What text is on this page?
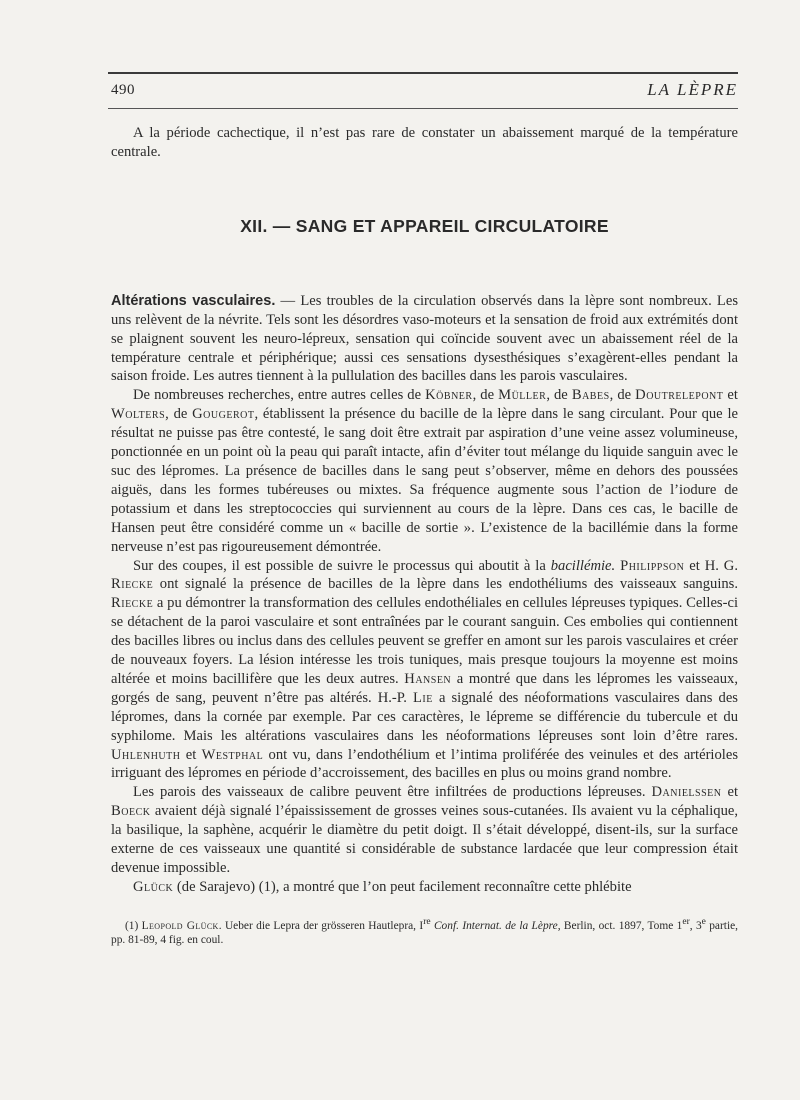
490	LA LÈPRE

A la période cachectique, il n’est pas rare de constater un abaissement marqué de la température centrale.

XII. — SANG ET APPAREIL CIRCULATOIRE

Altérations vasculaires. — Les troubles de la circulation observés dans la lèpre sont nombreux. Les uns relèvent de la névrite. Tels sont les désordres vaso-moteurs et la sensation de froid aux extrémités dont se plaignent souvent les neuro-lépreux, sensation qui coïncide souvent avec un abaissement réel de la température centrale et périphérique; aussi ces sensations dysesthésiques s’exagèrent-elles pendant la saison froide. Les autres tiennent à la pullulation des bacilles dans les parois vasculaires.

De nombreuses recherches, entre autres celles de Köbner, de Müller, de Babes, de Doutrelepont et Wolters, de Gougerot, établissent la présence du bacille de la lèpre dans le sang circulant. Pour que le résultat ne puisse pas être contesté, le sang doit être extrait par aspiration d’une veine assez volumineuse, ponctionnée en un point où la peau qui paraît intacte, afin d’éviter tout mélange du liquide sanguin avec le suc des lépromes. La présence de bacilles dans le sang peut s’observer, même en dehors des poussées aiguës, dans les formes tubéreuses ou mixtes. Sa fréquence augmente sous l’action de l’iodure de potassium et dans les streptococcies qui surviennent au cours de la lèpre. Dans ces cas, le bacille de Hansen peut être considéré comme un « bacille de sortie ». L’existence de la bacillémie dans la forme nerveuse n’est pas rigoureusement démontrée.

Sur des coupes, il est possible de suivre le processus qui aboutit à la bacillémie. Philippson et H. G. Riecke ont signalé la présence de bacilles de la lèpre dans les endothéliums des vaisseaux sanguins. Riecke a pu démontrer la transformation des cellules endothéliales en cellules lépreuses typiques. Celles-ci se détachent de la paroi vasculaire et sont entraînées par le courant sanguin. Ces embolies qui contiennent des bacilles libres ou inclus dans des cellules peuvent se greffer en amont sur les parois vasculaires et créer de nouveaux foyers. La lésion intéresse les trois tuniques, mais presque toujours la moyenne est moins altérée et moins bacillifère que les deux autres. Hansen a montré que dans les lépromes les vaisseaux, gorgés de sang, peuvent n’être pas altérés. H.-P. Lie a signalé des néoformations vasculaires dans des lépromes, dans la cornée par exemple. Par ces caractères, le lépreme se différencie du tubercule et du syphilome. Mais les altérations vasculaires dans les néoformations lépreuses sont loin d’être rares. Uhlenhuth et Westphal ont vu, dans l’endothélium et l’intima proliférée des veinules et des artérioles irriguant des lépromes en période d’accroissement, des bacilles en plus ou moins grand nombre.

Les parois des vaisseaux de calibre peuvent être infiltrées de productions lépreuses. Danielssen et Boeck avaient déjà signalé l’épaississement de grosses veines sous-cutanées. Ils avaient vu la céphalique, la basilique, la saphène, acquérir le diamètre du petit doigt. Il s’était développé, disent-ils, sur la surface externe de ces vaisseaux une quantité si considérable de substance lardacée que leur compression était devenue impossible.

Glück (de Sarajevo) (1), a montré que l’on peut facilement reconnaître cette phlébite

(1) Leopold Glück. Ueber die Lepra der grösseren Hautlepra, Ire Conf. Internat. de la Lèpre, Berlin, oct. 1897, Tome 1er, 3e partie, pp. 81-89, 4 fig. en coul.
